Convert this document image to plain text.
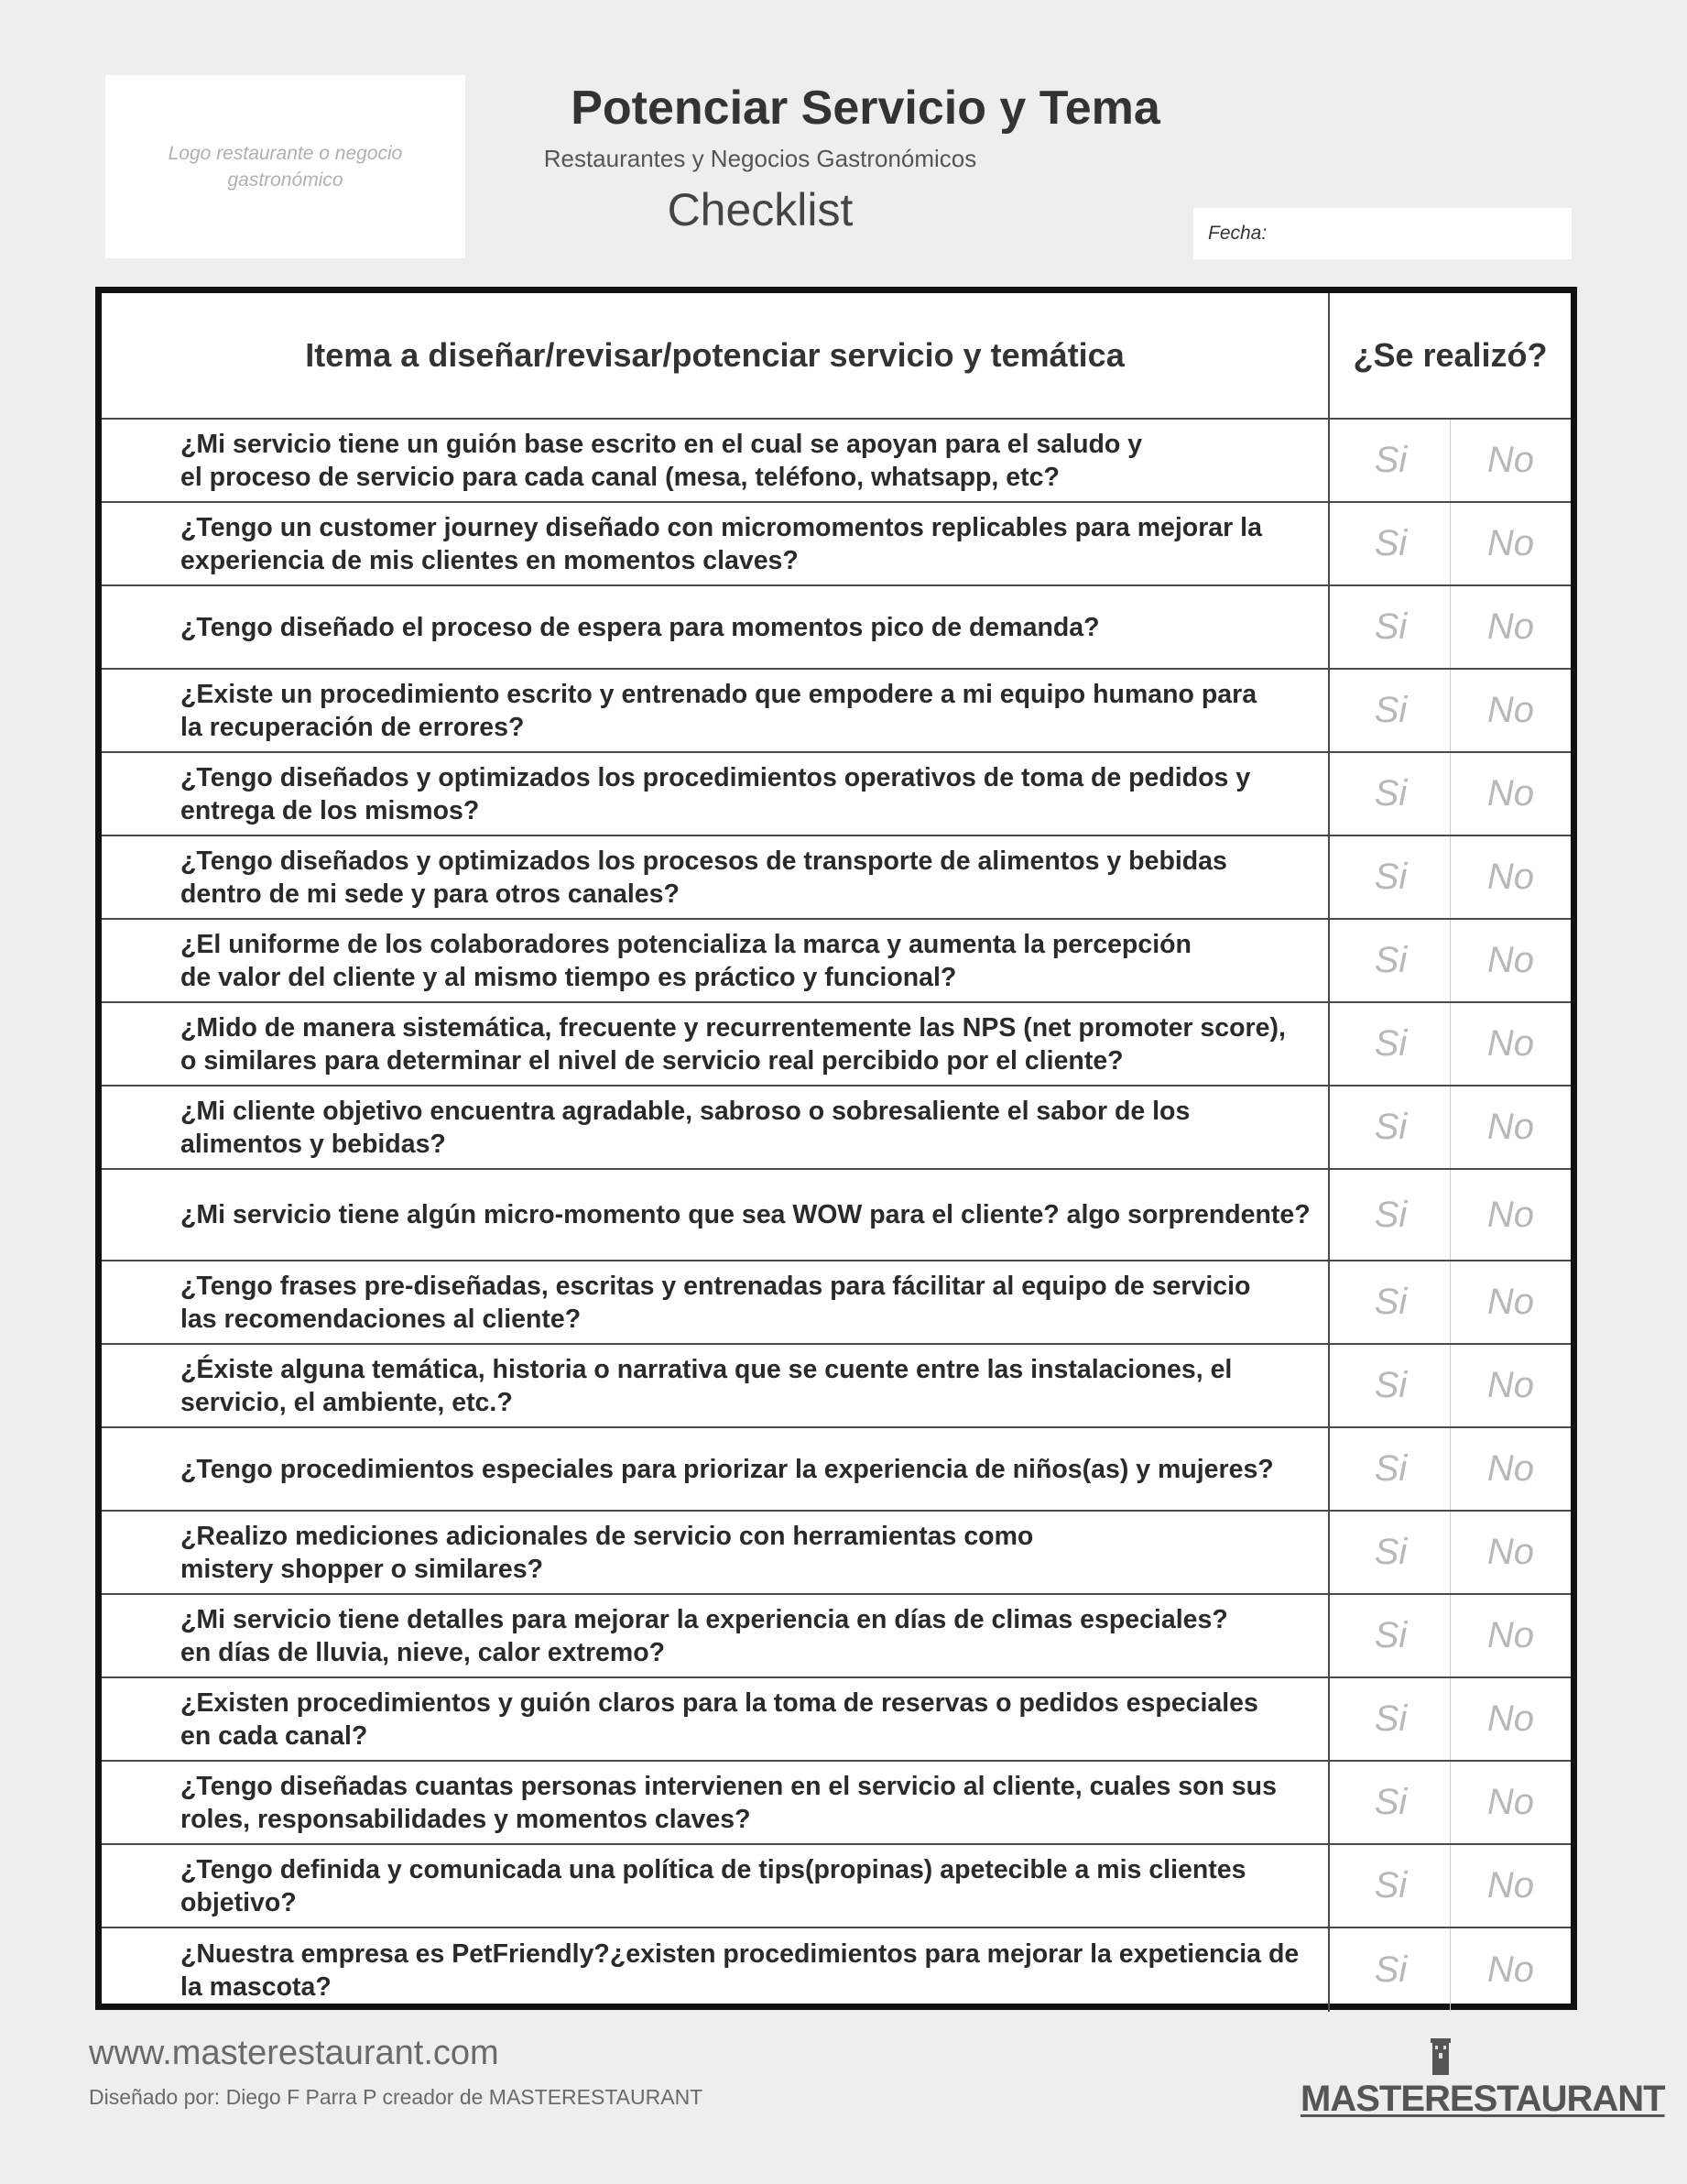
Logo restaurante o negocio gastronómico
Potenciar Servicio y Tema
Restaurantes y Negocios Gastronómicos
Checklist	Fecha:
Itema a diseñar/revisar/potenciar servicio y temática	¿Se realizó?
¿Mi servicio tiene un guión base escrito en el cual se apoyan para el saludo y
el proceso de servicio para cada canal (mesa, teléfono, whatsapp, etc?	Si	No
¿Tengo un customer journey diseñado con micromomentos replicables para mejorar la
experiencia de mis clientes en momentos claves?	Si	No
¿Tengo diseñado el proceso de espera para momentos pico de demanda?	Si	No
¿Existe un procedimiento escrito y entrenado que empodere a mi equipo humano para
la recuperación de errores?	Si	No
¿Tengo diseñados y optimizados los procedimientos operativos de toma de pedidos y
entrega de los mismos?	Si	No
¿Tengo diseñados y optimizados los procesos de transporte de alimentos y bebidas
dentro de mi sede y para otros canales?	Si	No
¿El uniforme de los colaboradores potencializa la marca y aumenta la percepción
de valor del cliente y al mismo tiempo es práctico y funcional?	Si	No
¿Mido de manera sistemática, frecuente y recurrentemente las NPS (net promoter score),
o similares para determinar el nivel de servicio real percibido por el cliente?	Si	No
¿Mi cliente objetivo encuentra agradable, sabroso o sobresaliente el sabor de los
alimentos y bebidas?	Si	No
¿Mi servicio tiene algún micro-momento que sea WOW para el cliente? algo sorprendente?	Si	No
¿Tengo frases pre-diseñadas, escritas y entrenadas para fácilitar al equipo de servicio
las recomendaciones al cliente?	Si	No
¿Éxiste alguna temática, historia o narrativa que se cuente entre las instalaciones, el
servicio, el ambiente, etc.?	Si	No
¿Tengo procedimientos especiales para priorizar la experiencia de niños(as) y mujeres?	Si	No
¿Realizo mediciones adicionales de servicio con herramientas como
mistery shopper o similares?	Si	No
¿Mi servicio tiene detalles para mejorar la experiencia en días de climas especiales?
en días de lluvia, nieve, calor extremo?	Si	No
¿Existen procedimientos y guión claros para la toma de reservas o pedidos especiales
en cada canal?	Si	No
¿Tengo diseñadas cuantas personas intervienen en el servicio al cliente, cuales son sus
roles, responsabilidades y momentos claves?	Si	No
¿Tengo definida y comunicada una política de tips(propinas) apetecible a mis clientes objetivo?	Si	No
¿Nuestra empresa es PetFriendly?¿existen procedimientos para mejorar la expetiencia de
la mascota?	Si	No
www.masterestaurant.com
Diseñado por: Diego F Parra P creador de MASTERESTAURANT	MASTERESTAURANT
